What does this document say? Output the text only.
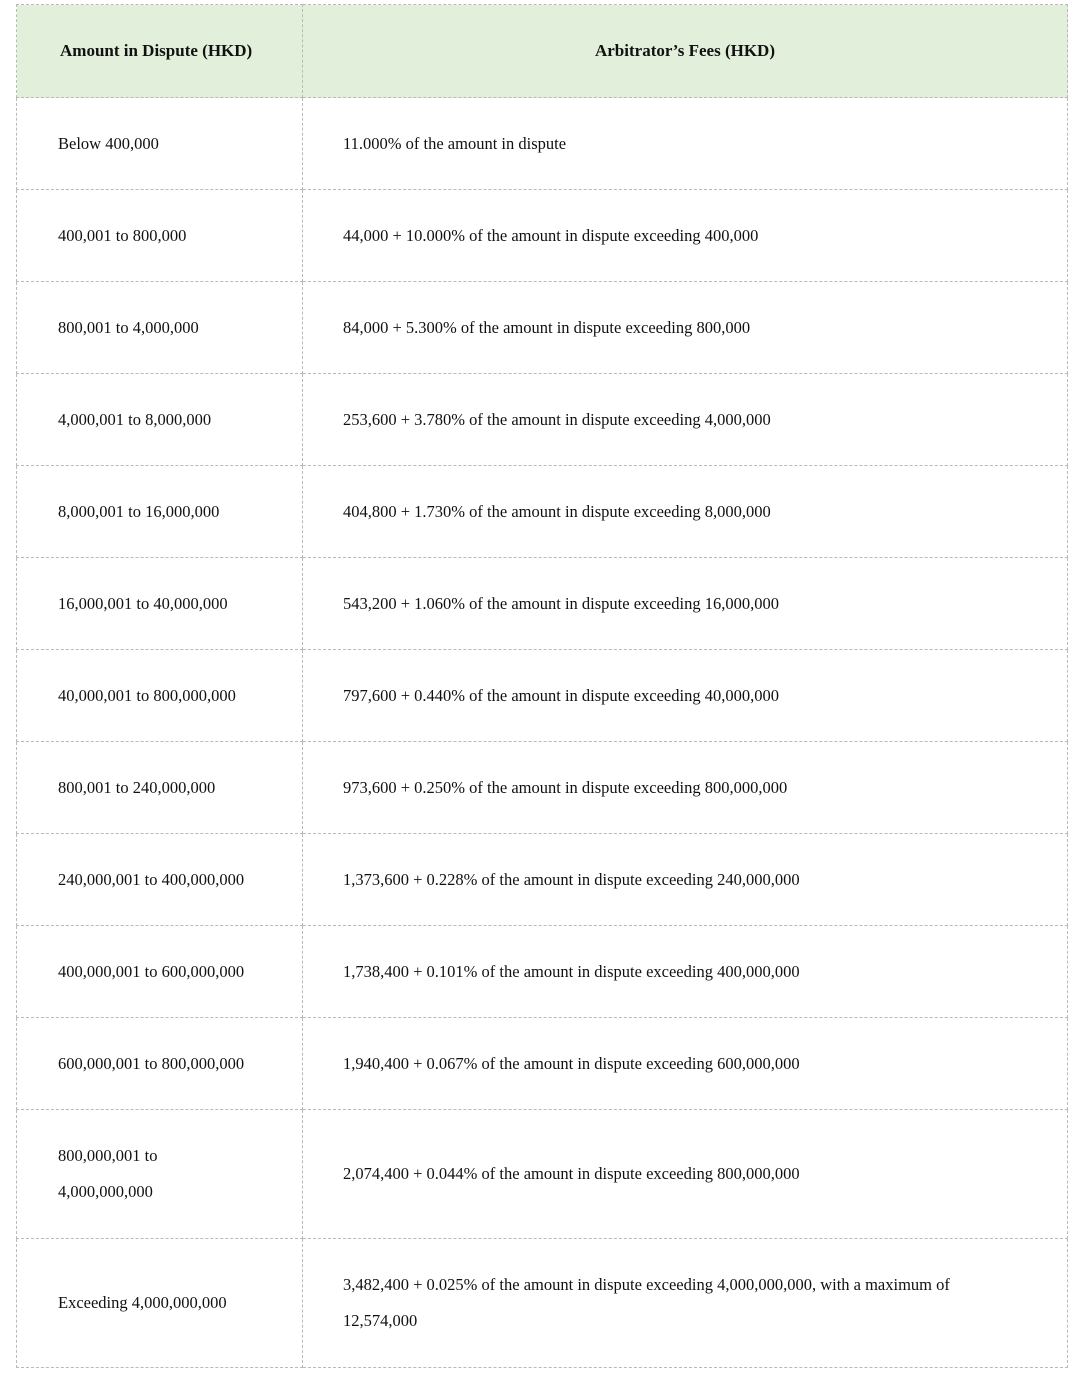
Amount in Dispute (HKD)	Arbitrator’s Fees (HKD)
Below 400,000	11.000% of the amount in dispute
400,001 to 800,000	44,000 + 10.000% of the amount in dispute exceeding 400,000
800,001 to 4,000,000	84,000 + 5.300% of the amount in dispute exceeding 800,000
4,000,001 to 8,000,000	253,600 + 3.780% of the amount in dispute exceeding 4,000,000
8,000,001 to 16,000,000	404,800 + 1.730% of the amount in dispute exceeding 8,000,000
16,000,001 to 40,000,000	543,200 + 1.060% of the amount in dispute exceeding 16,000,000
40,000,001 to 800,000,000	797,600 + 0.440% of the amount in dispute exceeding 40,000,000
800,001 to 240,000,000	973,600 + 0.250% of the amount in dispute exceeding 800,000,000
240,000,001 to 400,000,000	1,373,600 + 0.228% of the amount in dispute exceeding 240,000,000
400,000,001 to 600,000,000	1,738,400 + 0.101% of the amount in dispute exceeding 400,000,000
600,000,001 to 800,000,000	1,940,400 + 0.067% of the amount in dispute exceeding 600,000,000
800,000,001 to 4,000,000,000	2,074,400 + 0.044% of the amount in dispute exceeding 800,000,000
Exceeding 4,000,000,000	3,482,400 + 0.025% of the amount in dispute exceeding 4,000,000,000, with a maximum of 12,574,000
